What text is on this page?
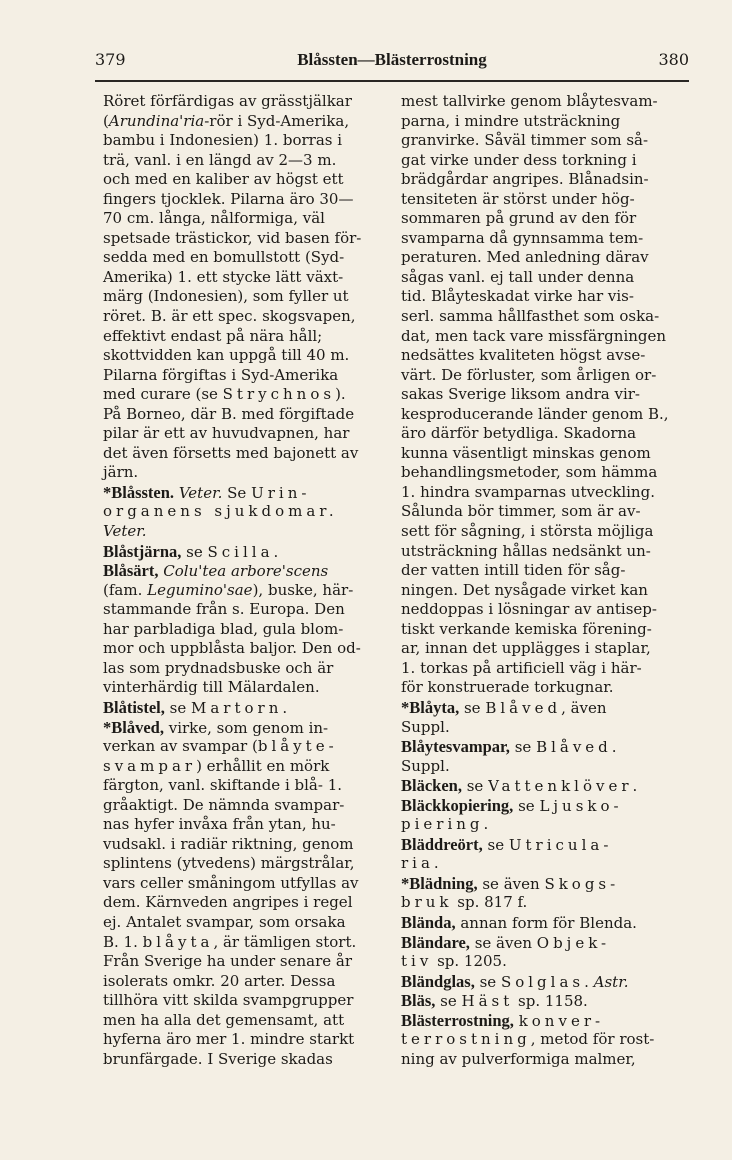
379	Blåssten—Blästerrostning	380
Röret förfärdigas av grässtjälkar
(Arundina'ria-rör i Syd-Amerika,
bambu i Indonesien) 1. borras i
trä, vanl. i en längd av 2—3 m.
och med en kaliber av högst ett
fingers tjocklek. Pilarna äro 30—
70 cm. långa, nålformiga, väl
spetsade trästickor, vid basen för-
sedda med en bomullstott (Syd-
Amerika) 1. ett stycke lätt växt-
märg (Indonesien), som fyller ut
röret. B. är ett spec. skogsvapen,
effektivt endast på nära håll;
skottvidden kan uppgå till 40 m.
Pilarna förgiftas i Syd-Amerika
med curare (se Strychnos).
På Borneo, där B. med förgiftade
pilar är ett av huvudvapnen, har
det även försetts med bajonett av
järn.
*Blåssten. Veter. Se Urin-
organens sjukdomar.
Veter.
Blåstjärna, se Scilla.
Blåsärt, Colu'tea arbore'scens
(fam. Legumino'sae), buske, här-
stammande från s. Europa. Den
har parbladiga blad, gula blom-
mor och uppblåsta baljor. Den od-
las som prydnadsbuske och är
vinterhärdig till Mälardalen.
Blåtistel, se Martorn.
*Blåved, virke, som genom in-
verkan av svampar (blåyte-
svampar) erhållit en mörk
färgton, vanl. skiftande i blå- 1.
gråaktigt. De nämnda svampar-
nas hyfer invåxa från ytan, hu-
vudsakl. i radiär riktning, genom
splintens (ytvedens) märgstrålar,
vars celler småningom utfyllas av
dem. Kärnveden angripes i regel
ej. Antalet svampar, som orsaka
B. 1. blåyta, är tämligen stort.
Från Sverige ha under senare år
isolerats omkr. 20 arter. Dessa
tillhöra vitt skilda svampgrupper
men ha alla det gemensamt, att
hyferna äro mer 1. mindre starkt
brunfärgade. I Sverige skadas
mest tallvirke genom blåytesvam-
parna, i mindre utsträckning
granvirke. Såväl timmer som så-
gat virke under dess torkning i
brädgårdar angripes. Blånadsin-
tensiteten är störst under hög-
sommaren på grund av den för
svamparna då gynnsamma tem-
peraturen. Med anledning därav
sågas vanl. ej tall under denna
tid. Blåyteskadat virke har vis-
serl. samma hållfasthet som oska-
dat, men tack vare missfärgningen
nedsättes kvaliteten högst avse-
värt. De förluster, som årligen or-
sakas Sverige liksom andra vir-
kesproducerande länder genom B.,
äro därför betydliga. Skadorna
kunna väsentligt minskas genom
behandlingsmetoder, som hämma
1. hindra svamparnas utveckling.
Sålunda bör timmer, som är av-
sett för sågning, i största möjliga
utsträckning hållas nedsänkt un-
der vatten intill tiden för såg-
ningen. Det nysågade virket kan
neddoppas i lösningar av antisep-
tiskt verkande kemiska förening-
ar, innan det upplägges i staplar,
1. torkas på artificiell väg i här-
för konstruerade torkugnar.
*Blåyta, se Blåved, även
Suppl.
Blåytesvampar, se Blåved.
Suppl.
Bläcken, se Vattenklöver.
Bläckkopiering, se Ljusko-
piering.
Bläddreört, se Utricula-
ria.
*Blädning, se även Skogs-
bruk sp. 817 f.
Blända, annan form för Blenda.
Bländare, se även Objek-
tiv sp. 1205.
Bländglas, se Solglas. Astr.
Bläs, se Häst sp. 1158.
Blästerrostning, konver-
terrostning, metod för rost-
ning av pulverformiga malmer,
